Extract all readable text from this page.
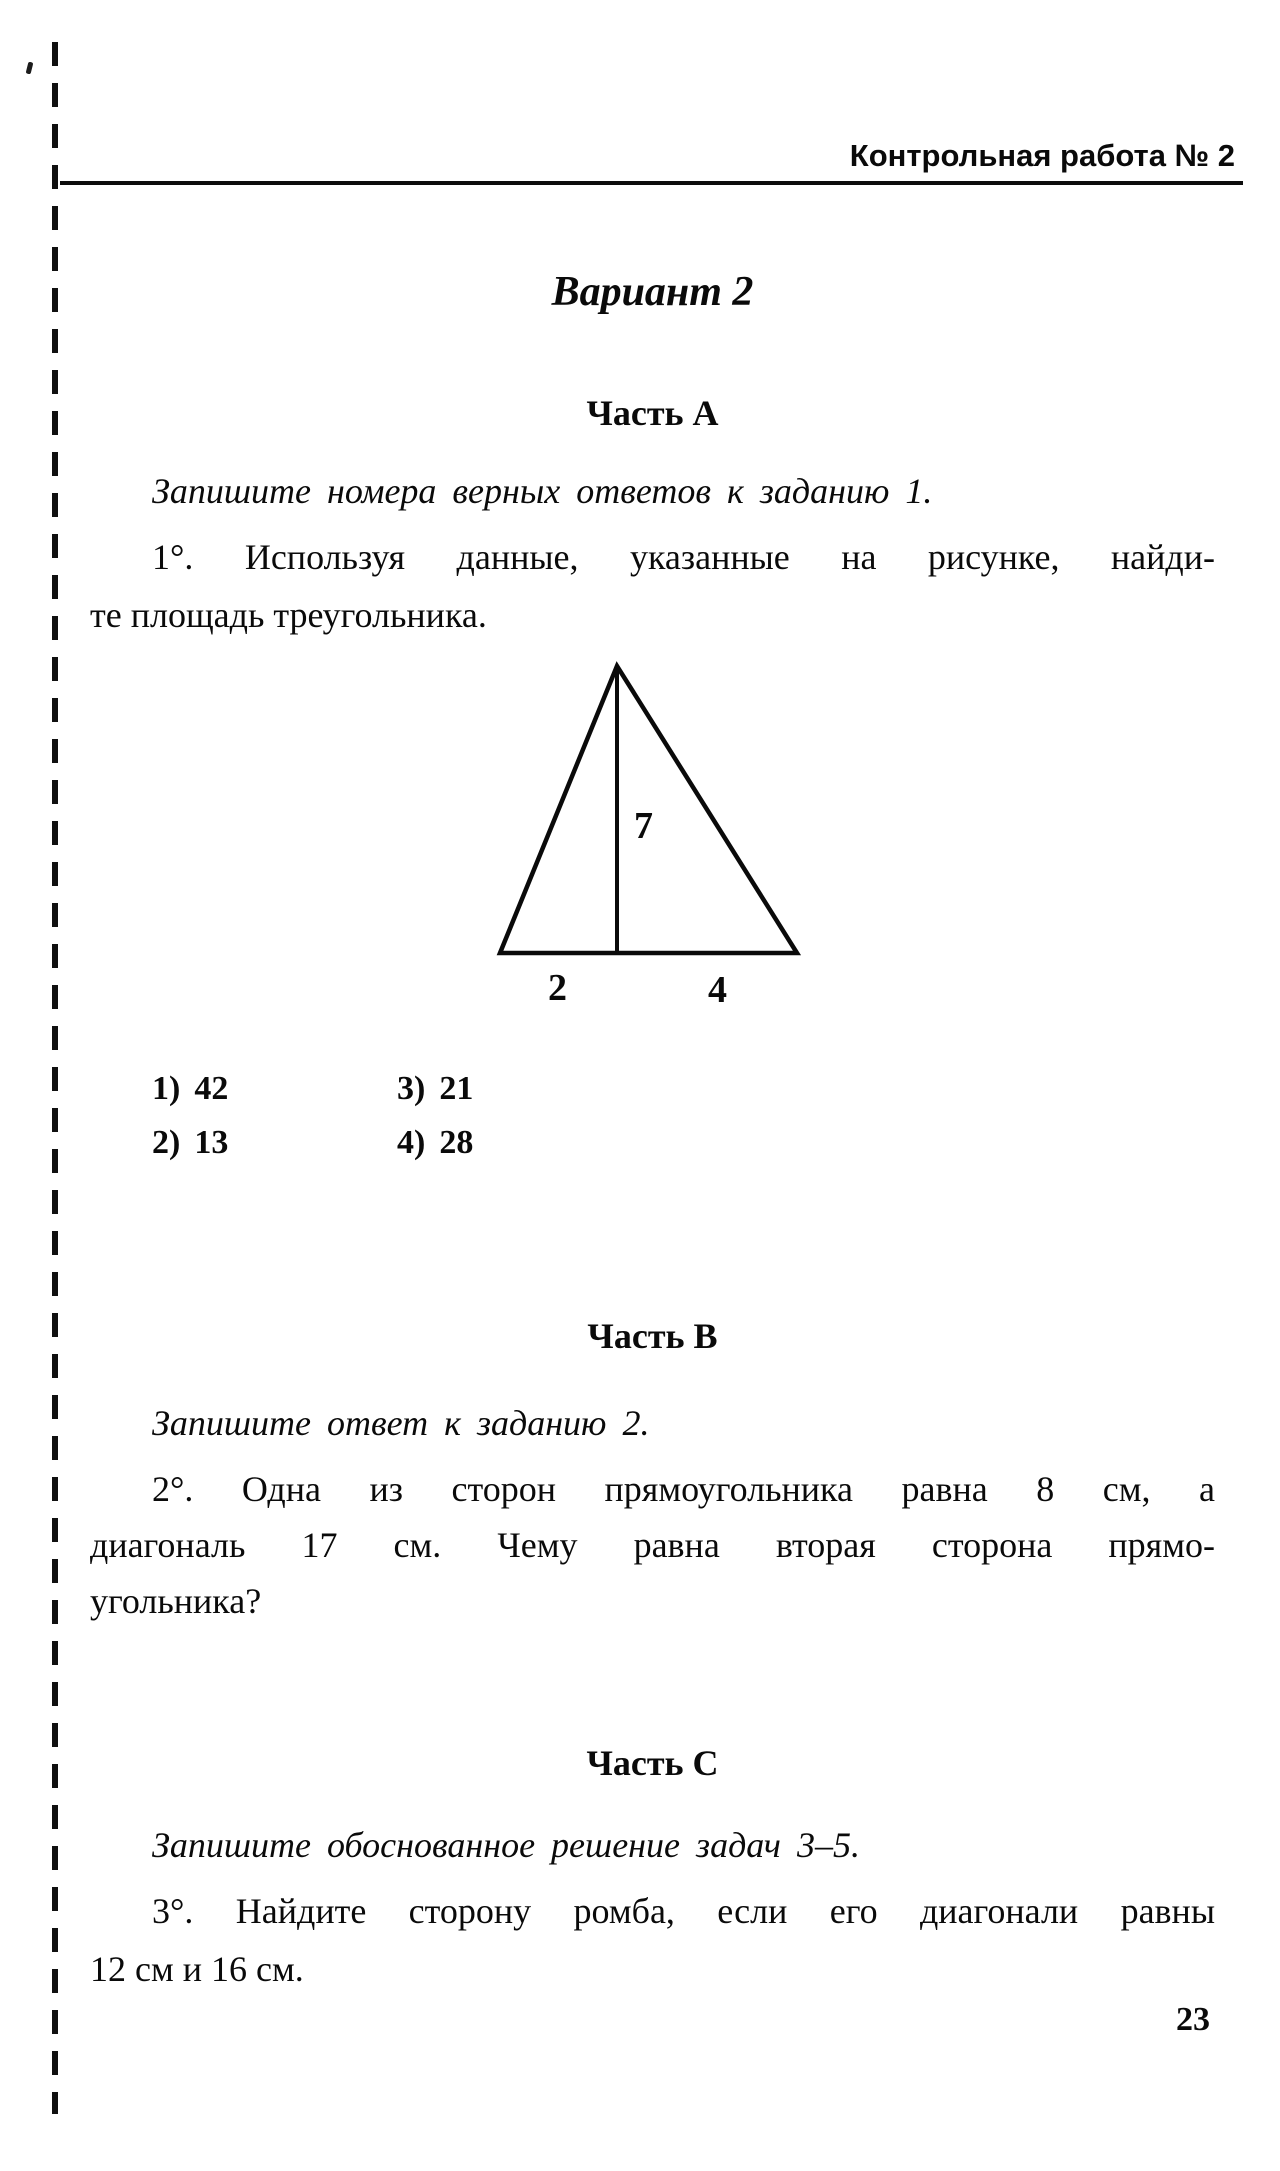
Контрольная работа № 2
Вариант 2
Часть А
Запишите номера верных ответов к заданию 1.
1°. Используя данные, указанные на рисунке, найди-
те площадь треугольника.
7
2	4
1) 42
2) 13
3) 21
4) 28
Часть В
Запишите ответ к заданию 2.
2°. Одна из сторон прямоугольника равна 8 см, а
диагональ 17 см. Чему равна вторая сторона прямо-
угольника?
Часть С
Запишите обоснованное решение задач 3–5.
3°. Найдите сторону ромба, если его диагонали равны
12 см и 16 см.
23
